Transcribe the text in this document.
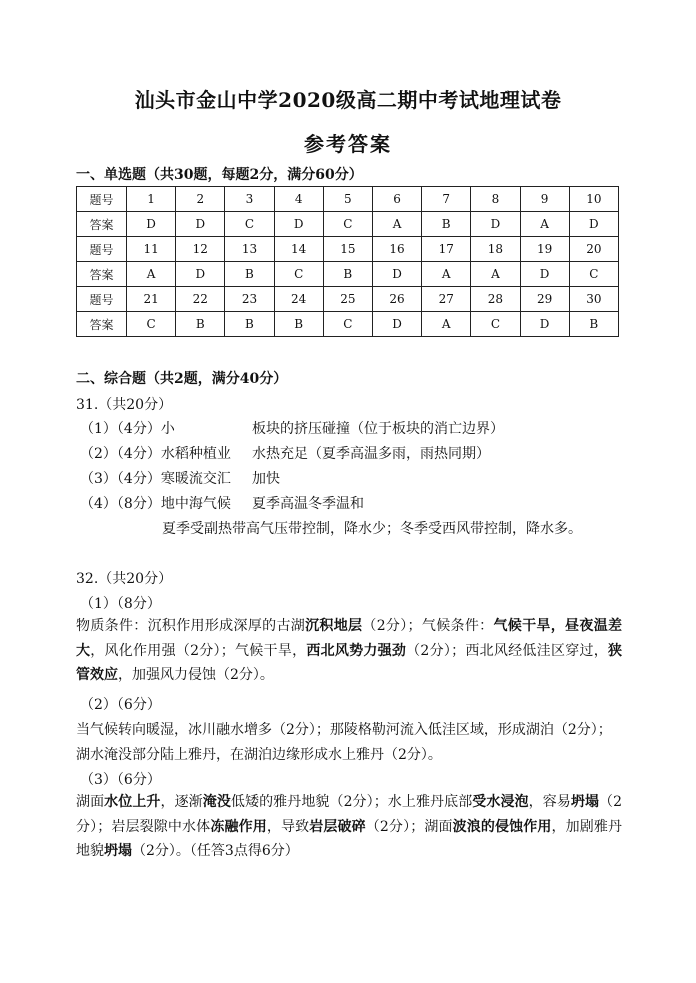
汕头市金山中学2020级高二期中考试地理试卷
参考答案
一、单选题（共30题，每题2分，满分60分）
题号	1	2	3	4	5	6	7	8	9	10
答案	D	D	C	D	C	A	B	D	A	D
题号	11	12	13	14	15	16	17	18	19	20
答案	A	D	B	C	B	D	A	A	D	C
题号	21	22	23	24	25	26	27	28	29	30
答案	C	B	B	B	C	D	A	C	D	B
二、综合题（共2题，满分40分）
31.（共20分）
（1）（4分）小	板块的挤压碰撞（位于板块的消亡边界）
（2）（4分）水稻种植业 水热充足（夏季高温多雨，雨热同期）
（3）（4分）寒暖流交汇 加快
（4）（8分）地中海气候 夏季高温冬季温和
夏季受副热带高气压带控制，降水少；冬季受西风带控制，降水多。
32.（共20分）
（1）（8分）
物质条件：沉积作用形成深厚的古湖沉积地层（2分）；气候条件：气候干旱，昼夜温差大，风化作用强（2分）；气候干旱，西北风势力强劲（2分）；西北风经低洼区穿过，狭管效应，加强风力侵蚀（2分）。
（2）（6分）
当气候转向暖湿，冰川融水增多（2分）；那陵格勒河流入低洼区域，形成湖泊（2分）；
湖水淹没部分陆上雅丹，在湖泊边缘形成水上雅丹（2分）。
（3）（6分）
湖面水位上升，逐渐淹没低矮的雅丹地貌（2分）；水上雅丹底部受水浸泡，容易坍塌（2分）；岩层裂隙中水体冻融作用，导致岩层破碎（2分）；湖面波浪的侵蚀作用，加剧雅丹地貌坍塌（2分）。（任答3点得6分）
